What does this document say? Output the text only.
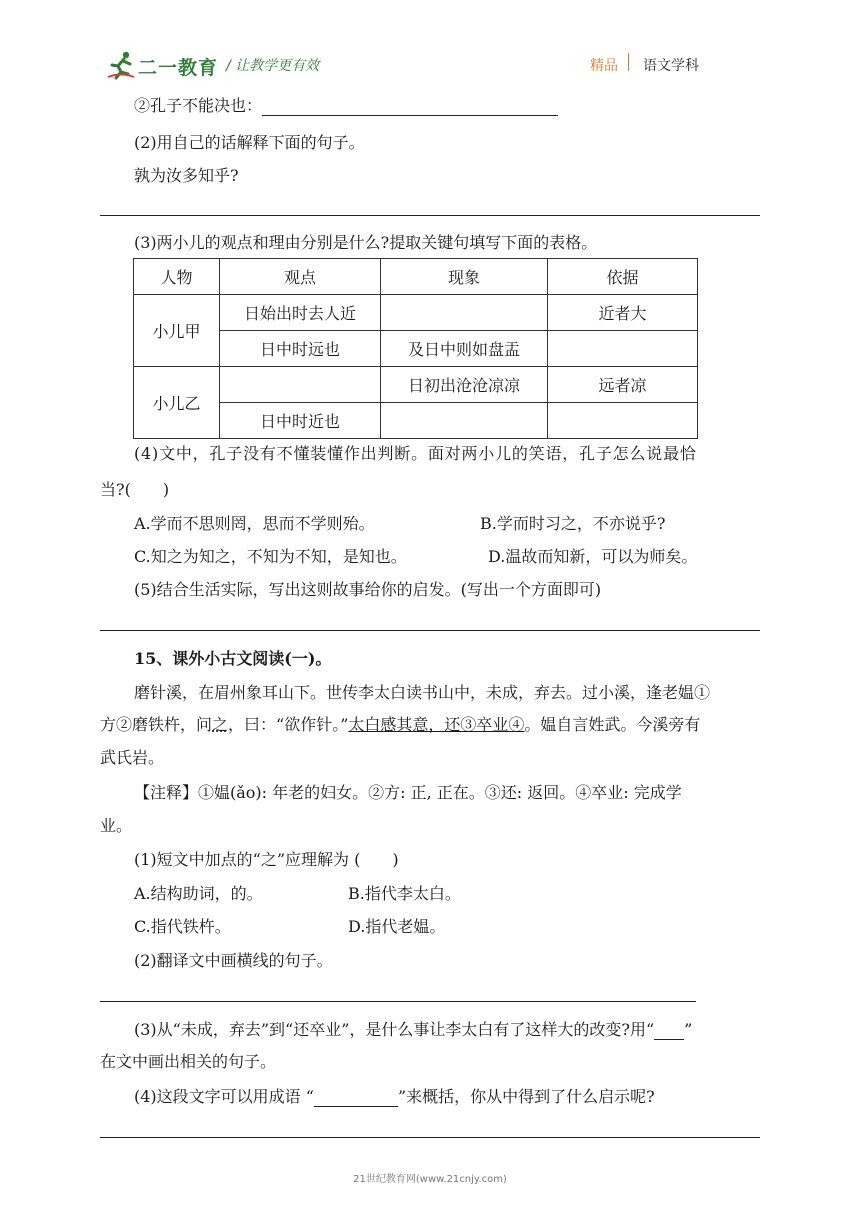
二一教育 / 让教学更有效	精品 语文学科
②孔子不能决也：
(2)用自己的话解释下面的句子。
孰为汝多知乎?
(3)两小儿的观点和理由分别是什么?提取关键句填写下面的表格。
人物	观点	现象	依据
小儿甲	日始出时去人近		近者大
	日中时远也	及日中则如盘盂	
小儿乙		日初出沧沧凉凉	远者凉
	日中时近也		
(4)文中，孔子没有不懂装懂作出判断。面对两小儿的笑语，孔子怎么说最恰
当?(　　)
A.学而不思则罔，思而不学则殆。	B.学而时习之，不亦说乎?
C.知之为知之，不知为不知，是知也。	D.温故而知新，可以为师矣。
(5)结合生活实际，写出这则故事给你的启发。(写出一个方面即可)
15、课外小古文阅读(一)。
磨针溪，在眉州象耳山下。世传李太白读书山中，未成，弃去。过小溪，逢老媪①
方②磨铁杵，问之，曰：“欲作针。”太白感其意，还③卒业④。媪自言姓武。今溪旁有
武氏岩。
【注释】①媪(ǎo): 年老的妇女。②方: 正, 正在。③还: 返回。④卒业: 完成学
业。
(1)短文中加点的“之”应理解为 (　　)
A.结构助词，的。	B.指代李太白。
C.指代铁杵。	D.指代老媪。
(2)翻译文中画横线的句子。
(3)从“未成，弃去”到“还卒业”，是什么事让李太白有了这样大的改变?用“ ”
在文中画出相关的句子。
(4)这段文字可以用成语 “	”来概括，你从中得到了什么启示呢?
21世纪教育网(www.21cnjy.com)
